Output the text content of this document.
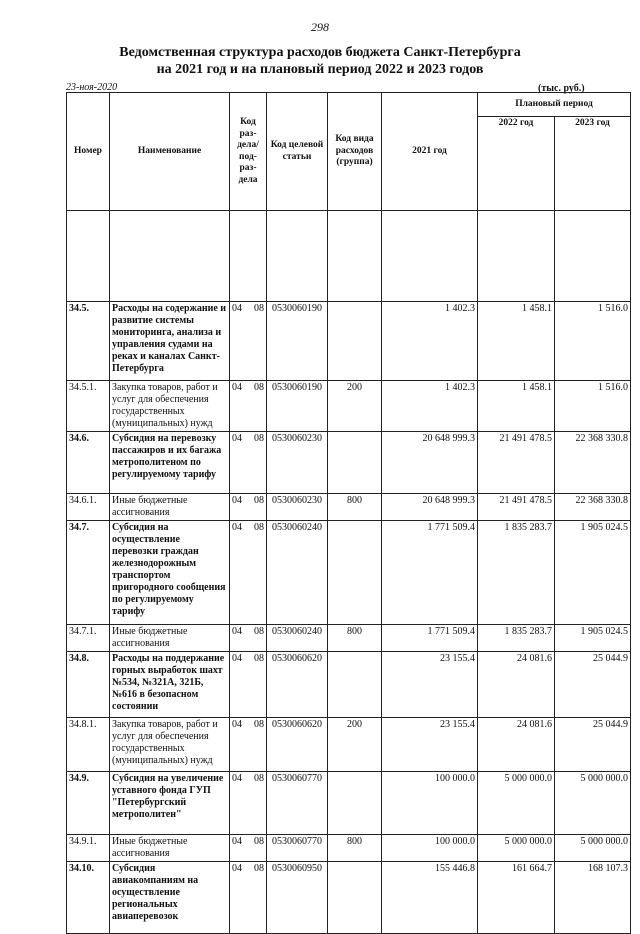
298
Ведомственная структура расходов бюджета Санкт-Петербурга
на 2021 год и на плановый период 2022 и 2023 годов
23-ноя-2020	(тыс. руб.)
Номер	Наименование	Код раз- дела/ под- раз- дела	Код целевой статьи	Код вида расходов (группа)	2021 год	Плановый период	
						2022 год	2023 год

34.5.	Расходы на содержание и развитие системы мониторинга, анализа и управления судами на реках и каналах Санкт-Петербурга	04 08	0530060190		1 402.3	1 458.1	1 516.0
34.5.1.	Закупка товаров, работ и услуг для обеспечения государственных (муниципальных) нужд	04 08	0530060190	200	1 402.3	1 458.1	1 516.0
34.6.	Субсидия на перевозку пассажиров и их багажа метрополитеном по регулируемому тарифу	04 08	0530060230		20 648 999.3	21 491 478.5	22 368 330.8
34.6.1.	Иные бюджетные ассигнования	04 08	0530060230	800	20 648 999.3	21 491 478.5	22 368 330.8
34.7.	Субсидия на осуществление перевозки граждан железнодорожным транспортом пригородного сообщения по регулируемому тарифу	04 08	0530060240		1 771 509.4	1 835 283.7	1 905 024.5
34.7.1.	Иные бюджетные ассигнования	04 08	0530060240	800	1 771 509.4	1 835 283.7	1 905 024.5
34.8.	Расходы на поддержание горных выработок шахт №534, №321А, 321Б, №616 в безопасном состоянии	04 08	0530060620		23 155.4	24 081.6	25 044.9
34.8.1.	Закупка товаров, работ и услуг для обеспечения государственных (муниципальных) нужд	04 08	0530060620	200	23 155.4	24 081.6	25 044.9
34.9.	Субсидия на увеличение уставного фонда ГУП "Петербургский метрополитен"	04 08	0530060770		100 000.0	5 000 000.0	5 000 000.0
34.9.1.	Иные бюджетные ассигнования	04 08	0530060770	800	100 000.0	5 000 000.0	5 000 000.0
34.10.	Субсидия авиакомпаниям на осуществление региональных авиаперевозок	04 08	0530060950		155 446.8	161 664.7	168 107.3
